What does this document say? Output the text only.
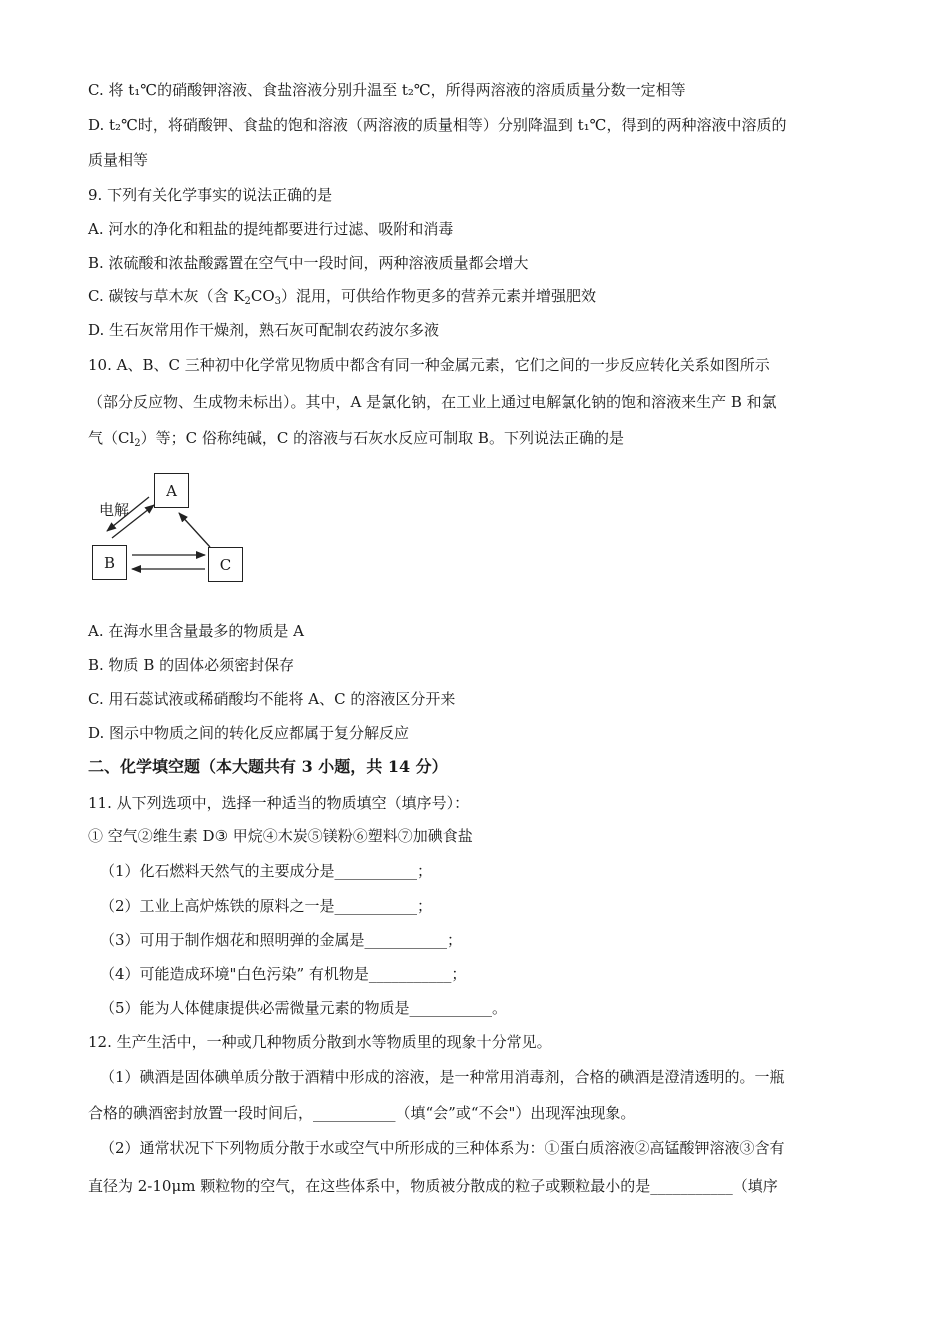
C. 将 t₁℃的硝酸钾溶液、食盐溶液分别升温至 t₂℃，所得两溶液的溶质质量分数一定相等
D. t₂℃时，将硝酸钾、食盐的饱和溶液（两溶液的质量相等）分别降温到 t₁℃，得到的两种溶液中溶质的
质量相等
9. 下列有关化学事实的说法正确的是
A. 河水的净化和粗盐的提纯都要进行过滤、吸附和消毒
B. 浓硫酸和浓盐酸露置在空气中一段时间，两种溶液质量都会增大
C. 碳铵与草木灰（含 $K_2CO_3$）混用，可供给作物更多的营养元素并增强肥效
D. 生石灰常用作干燥剂，熟石灰可配制农药波尔多液
10. A、B、C 三种初中化学常见物质中都含有同一种金属元素，它们之间的一步反应转化关系如图所示
（部分反应物、生成物未标出）。其中，A 是氯化钠，在工业上通过电解氯化钠的饱和溶液来生产 B 和氯
气$(Cl_2)$等；C 俗称纯碱，C 的溶液与石灰水反应可制取 B。下列说法正确的是
电解
A
B	C
A. 在海水里含量最多的物质是 A
B. 物质 B 的固体必须密封保存
C. 用石蕊试液或稀硝酸均不能将 A、C 的溶液区分开来
D. 图示中物质之间的转化反应都属于复分解反应
二、化学填空题（本大题共有 3 小题，共 14 分）
11. 从下列选项中，选择一种适当的物质填空（填序号）：
① 空气②维生素 D③ 甲烷④木炭⑤镁粉⑥塑料⑦加碘食盐
（1）化石燃料天然气的主要成分是___________；
（2）工业上高炉炼铁的原料之一是___________；
（3）可用于制作烟花和照明弹的金属是___________；
（4）可能造成环境"白色污染” 有机物是___________；
（5）能为人体健康提供必需微量元素的物质是___________。
12. 生产生活中，一种或几种物质分散到水等物质里的现象十分常见。
（1）碘酒是固体碘单质分散于酒精中形成的溶液，是一种常用消毒剂，合格的碘酒是澄清透明的。一瓶
合格的碘酒密封放置一段时间后，___________（填“会”或“不会"）出现浑浊现象。
（2）通常状况下下列物质分散于水或空气中所形成的三种体系为：①蛋白质溶液②高锰酸钾溶液③含有
直径为 2-10μm 颗粒物的空气，在这些体系中，物质被分散成的粒子或颗粒最小的是___________（填序
